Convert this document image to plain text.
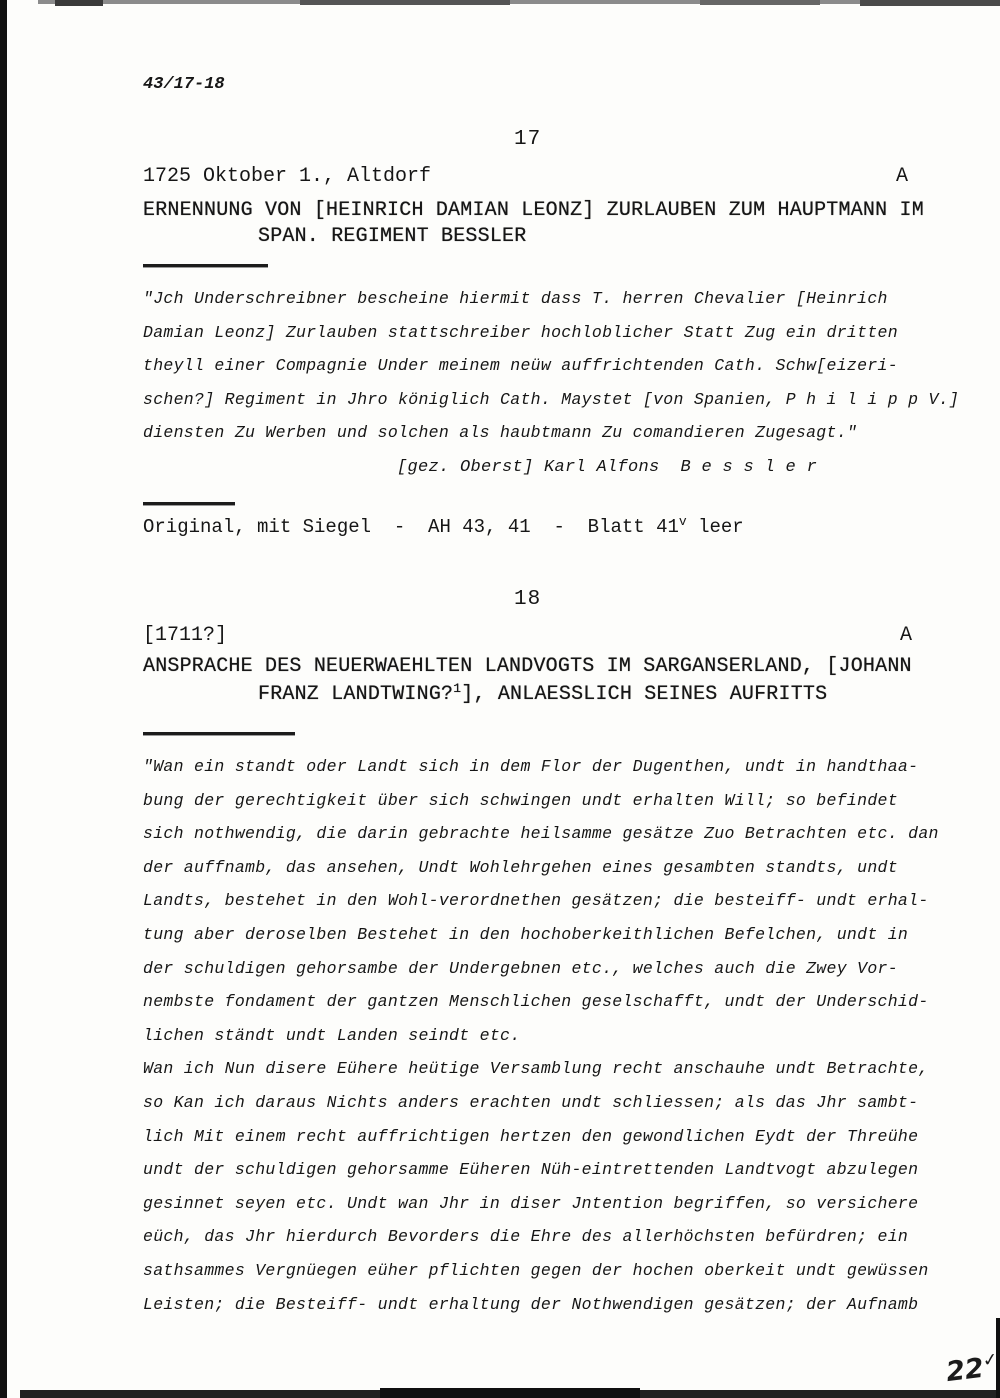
43/17-18
17
1725 Oktober 1., Altdorf	A
ERNENNUNG VON [HEINRICH DAMIAN LEONZ] ZURLAUBEN ZUM HAUPTMANN IM
SPAN. REGIMENT BESSLER
"Jch Underschreibner bescheine hiermit dass T. herren Chevalier [Heinrich
Damian Leonz] Zurlauben stattschreiber hochloblicher Statt Zug ein dritten
theyll einer Compagnie Under meinem neüw auffrichtenden Cath. Schw[eizeri-
schen?] Regiment in Jhro königlich Cath. Maystet [von Spanien, P h i l i p p V.]
diensten Zu Werben und solchen als haubtmann Zu comandieren Zugesagt."
[gez. Oberst] Karl Alfons  B e s s l e r
Original, mit Siegel  -  AH 43, 41  -  Blatt 41$^v$ leer
18
[1711?]	A
ANSPRACHE DES NEUERWAEHLTEN LANDVOGTS IM SARGANSERLAND, [JOHANN
FRANZ LANDTWING?$^1$], ANLAESSLICH SEINES AUFRITTS
"Wan ein standt oder Landt sich in dem Flor der Dugenthen, undt in handthaa-
bung der gerechtigkeit über sich schwingen undt erhalten Will; so befindet
sich nothwendig, die darin gebrachte heilsamme gesätze Zuo Betrachten etc. dan
der auffnamb, das ansehen, Undt Wohlehrgehen eines gesambten standts, undt
Landts, bestehet in den Wohl-verordnethen gesätzen; die besteiff- undt erhal-
tung aber deroselben Bestehet in den hochoberkeithlichen Befelchen, undt in
der schuldigen gehorsambe der Undergebnen etc., welches auch die Zwey Vor-
nembste fondament der gantzen Menschlichen geselschafft, undt der Underschid-
lichen ständt undt Landen seindt etc.
Wan ich Nun disere Eühere heütige Versamblung recht anschauhe undt Betrachte,
so Kan ich daraus Nichts anders erachten undt schliessen; als das Jhr sambt-
lich Mit einem recht auffrichtigen hertzen den gewondlichen Eydt der Threühe
undt der schuldigen gehorsamme Eüheren Nüh-eintrettenden Landtvogt abzulegen
gesinnet seyen etc. Undt wan Jhr in diser Jntention begriffen, so versichere
eüch, das Jhr hierdurch Bevorders die Ehre des allerhöchsten befürdren; ein
sathsammes Vergnüegen eüher pflichten gegen der hochen oberkeit undt gewüssen
Leisten; die Besteiff- undt erhaltung der Nothwendigen gesätzen; der Aufnamb
22✓
